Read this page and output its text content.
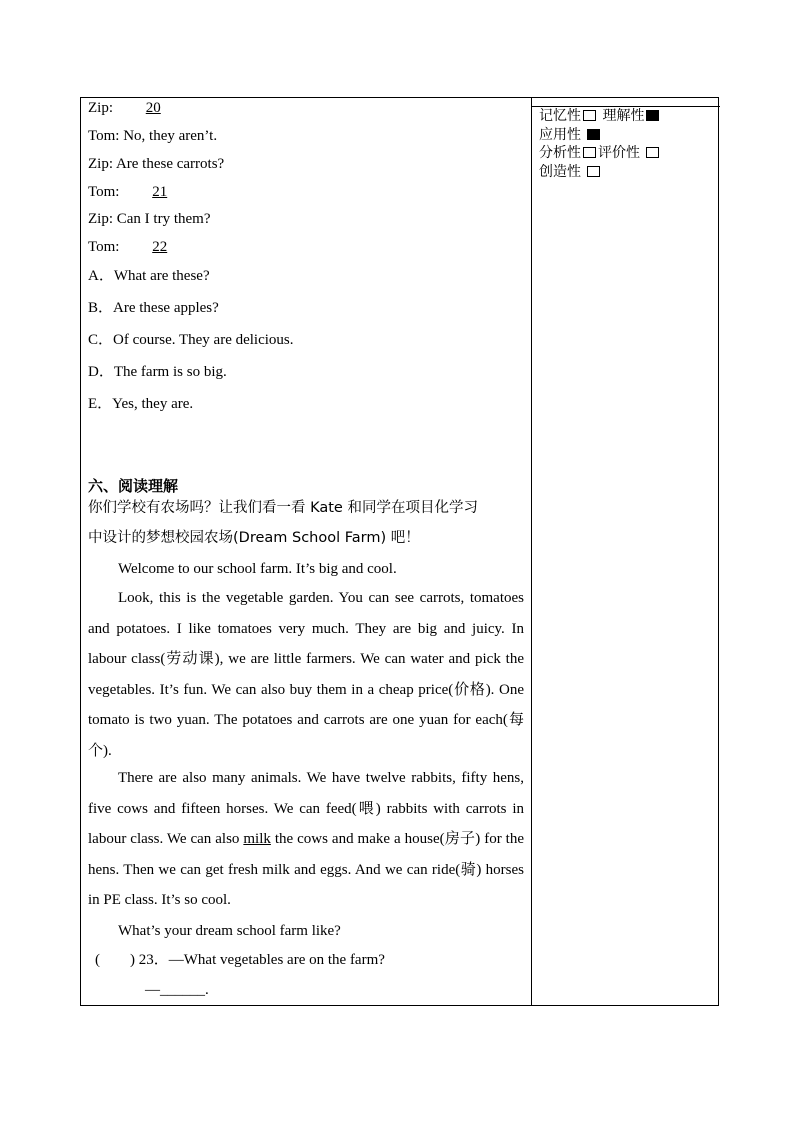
Zip: 20
Tom: No, they aren’t.
Zip: Are these carrots?
Tom: 21
Zip: Can I try them?
Tom: 22
A．What are these?
B．Are these apples?
C．Of course. They are delicious.
D．The farm is so big.
E．Yes, they are.
六、阅读理解
你们学校有农场吗？让我们看一看 Kate 和同学在项目化学习
中设计的梦想校园农场(Dream School Farm) 吧！
Welcome to our school farm. It’s big and cool.
Look, this is the vegetable garden. You can see carrots, tomatoes and potatoes. I like tomatoes very much. They are big and juicy. In labour class(劳动课), we are little farmers. We can water and pick the vegetables. It’s fun. We can also buy them in a cheap price(价格). One tomato is two yuan. The potatoes and carrots are one yuan for each(每个).
There are also many animals. We have twelve rabbits, fifty hens, five cows and fifteen horses. We can feed(喂) rabbits with carrots in labour class. We can also milk the cows and make a house(房子) for the hens. Then we can get fresh milk and eggs. And we can ride(骑) horses in PE class. It’s so cool.
What’s your dream school farm like?
(　　) 23．—What vegetables are on the farm?
—______.
记忆性 理解性
应用性
分析性 评价性
创造性
